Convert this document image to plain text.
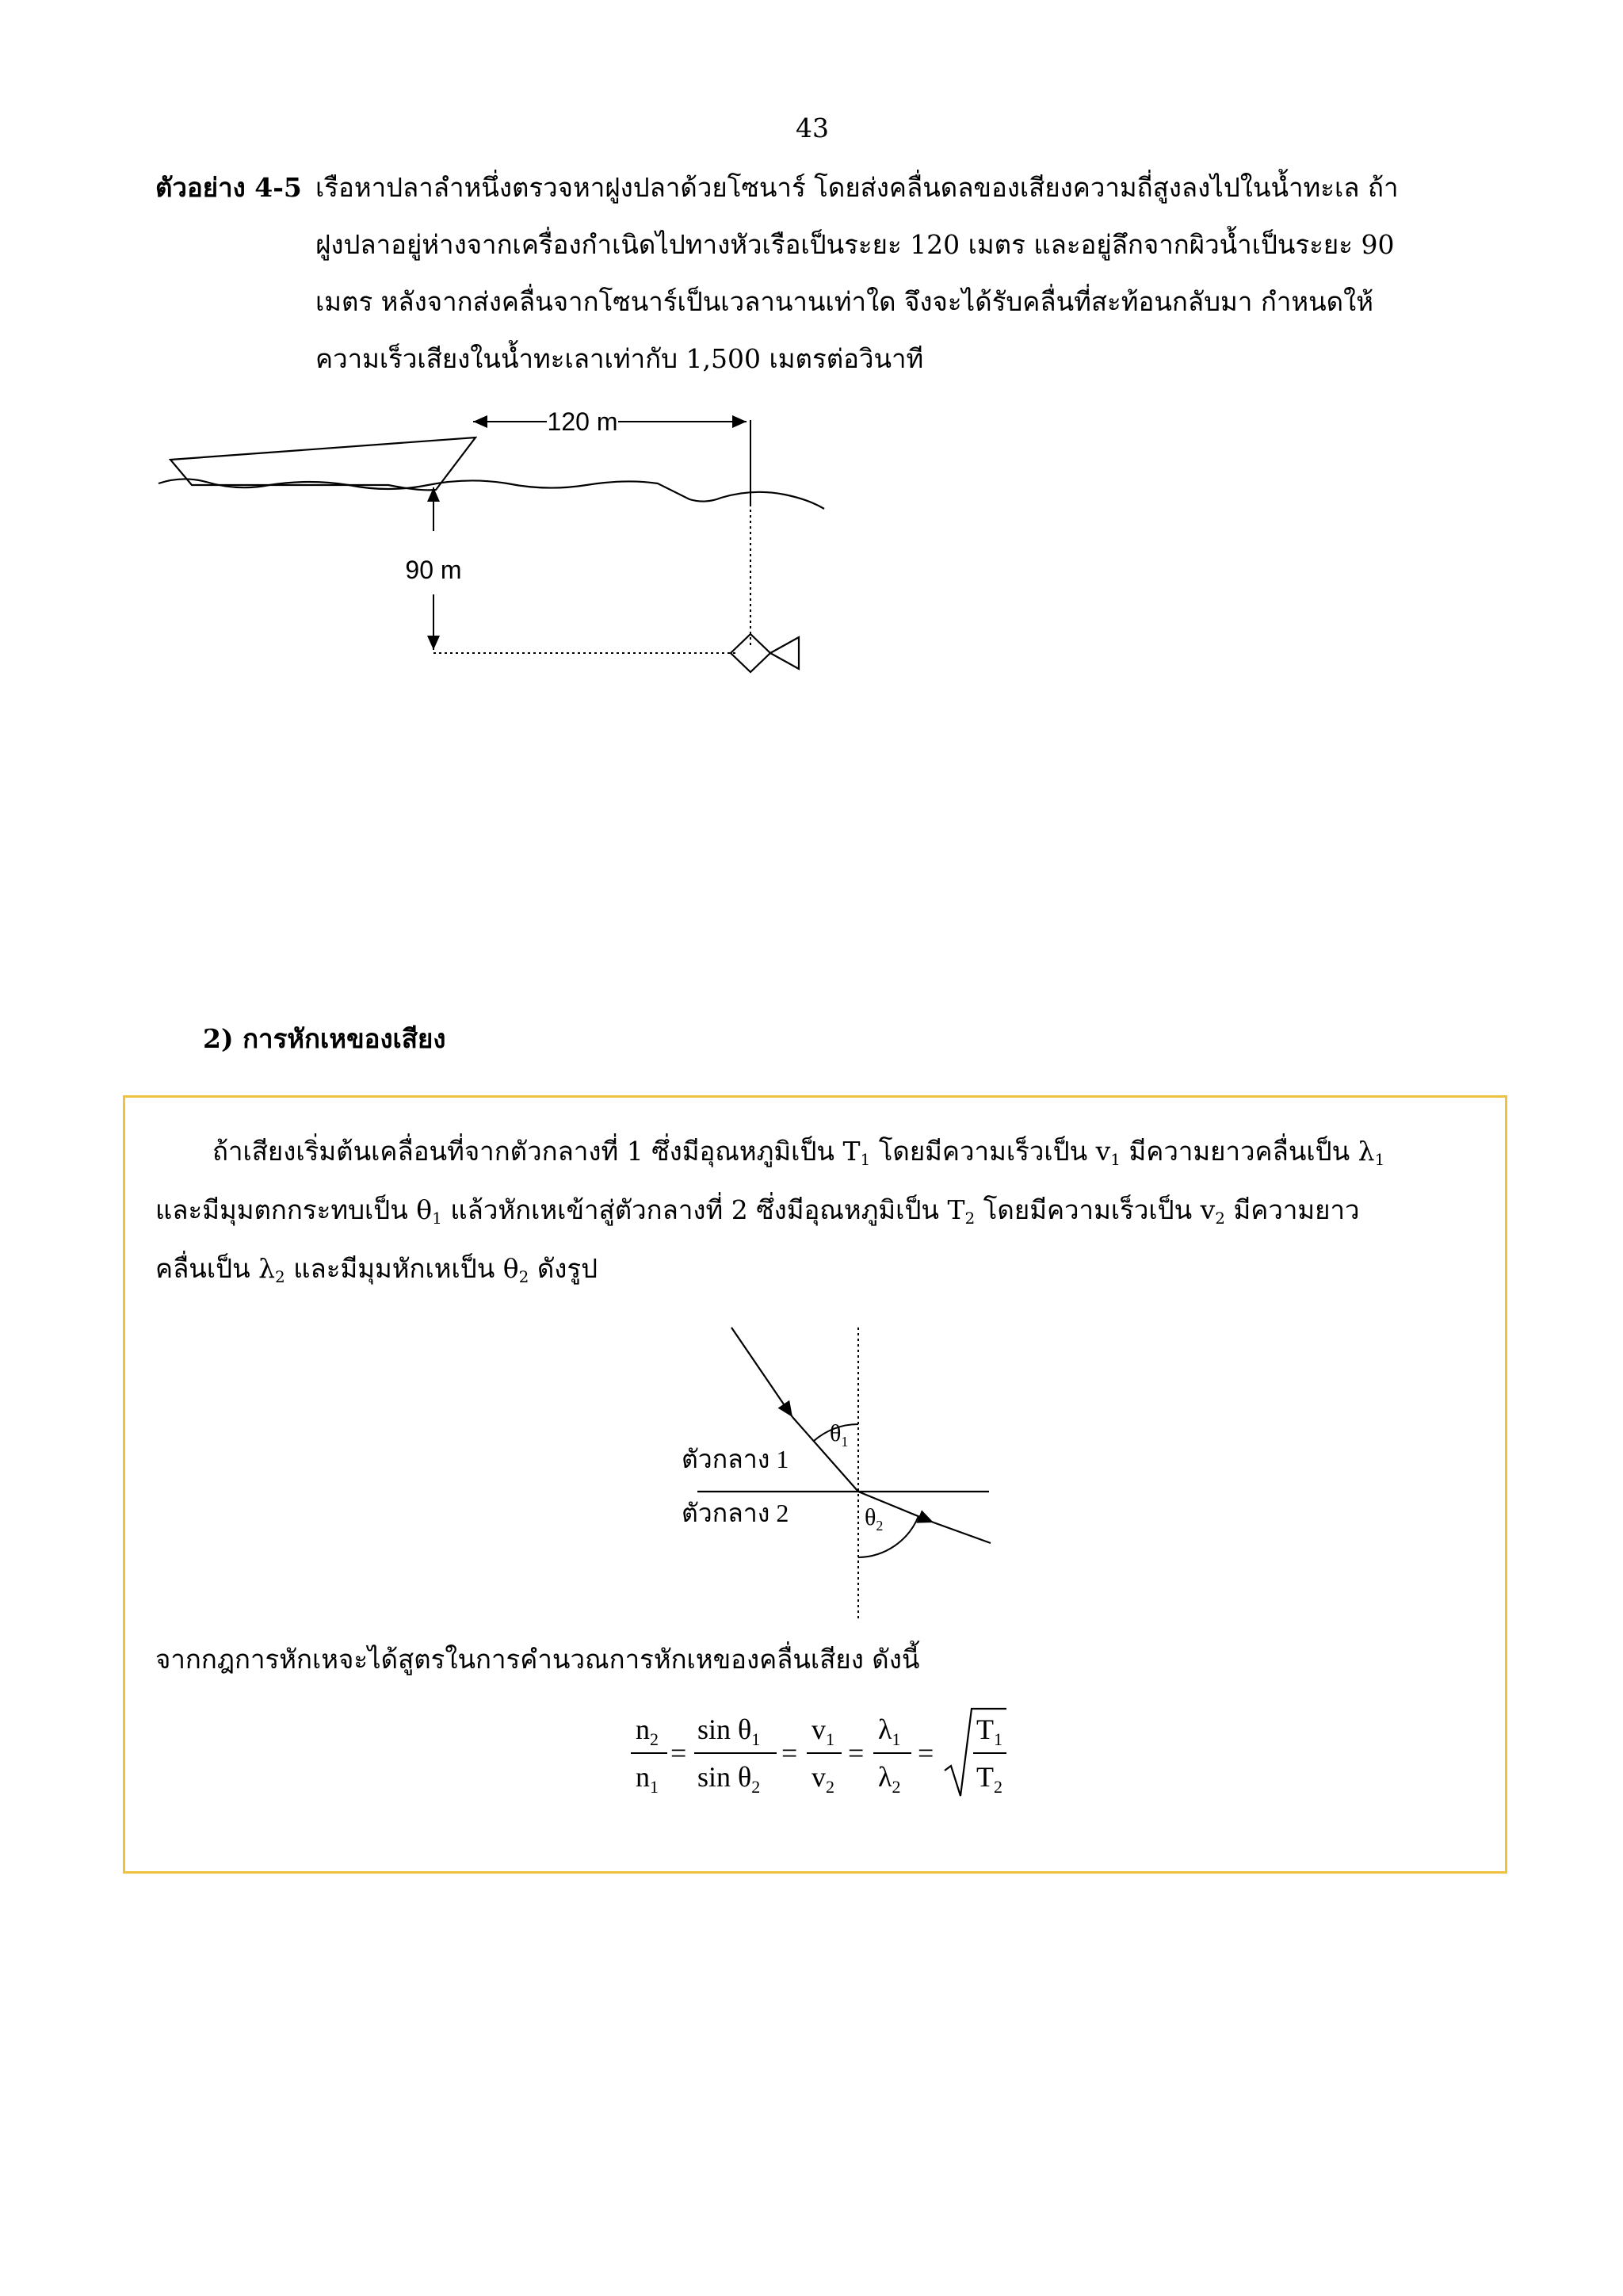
43
ตัวอย่าง 4-5 เรือหาปลาลำหนึ่งตรวจหาฝูงปลาด้วยโซนาร์ โดยส่งคลื่นดลของเสียงความถี่สูงลงไปในน้ำทะเล ถ้า
ฝูงปลาอยู่ห่างจากเครื่องกำเนิดไปทางหัวเรือเป็นระยะ 120 เมตร และอยู่ลึกจากผิวน้ำเป็นระยะ 90
เมตร หลังจากส่งคลื่นจากโซนาร์เป็นเวลานานเท่าใด จึงจะได้รับคลื่นที่สะท้อนกลับมา กำหนดให้
ความเร็วเสียงในน้ำทะเลาเท่ากับ 1,500 เมตรต่อวินาที
120 m
90 m
2) การหักเหของเสียง
ถ้าเสียงเริ่มต้นเคลื่อนที่จากตัวกลางที่ 1 ซึ่งมีอุณหภูมิเป็น $T_1$ โดยมีความเร็วเป็น $v_1$ มีความยาวคลื่นเป็น $\lambda_1$
และมีมุมตกกระทบเป็น $\theta_1$ แล้วหักเหเข้าสู่ตัวกลางที่ 2 ซึ่งมีอุณหภูมิเป็น $T_2$ โดยมีความเร็วเป็น $v_2$ มีความยาว
คลื่นเป็น $\lambda_2$ และมีมุมหักเหเป็น $\theta_2$ ดังรูป
$\theta_1$
$\theta_2$
ตัวกลาง 1
ตัวกลาง 2
จากกฎการหักเหจะได้สูตรในการคำนวณการหักเหของคลื่นเสียง ดังนี้
$n_2$
$n_1$
=
$\sin \theta_1$
$\sin \theta_2$
=
$v_1$
$v_2$
=
$\lambda_1$
$\lambda_2$
=
$T_1$
$T_2$
